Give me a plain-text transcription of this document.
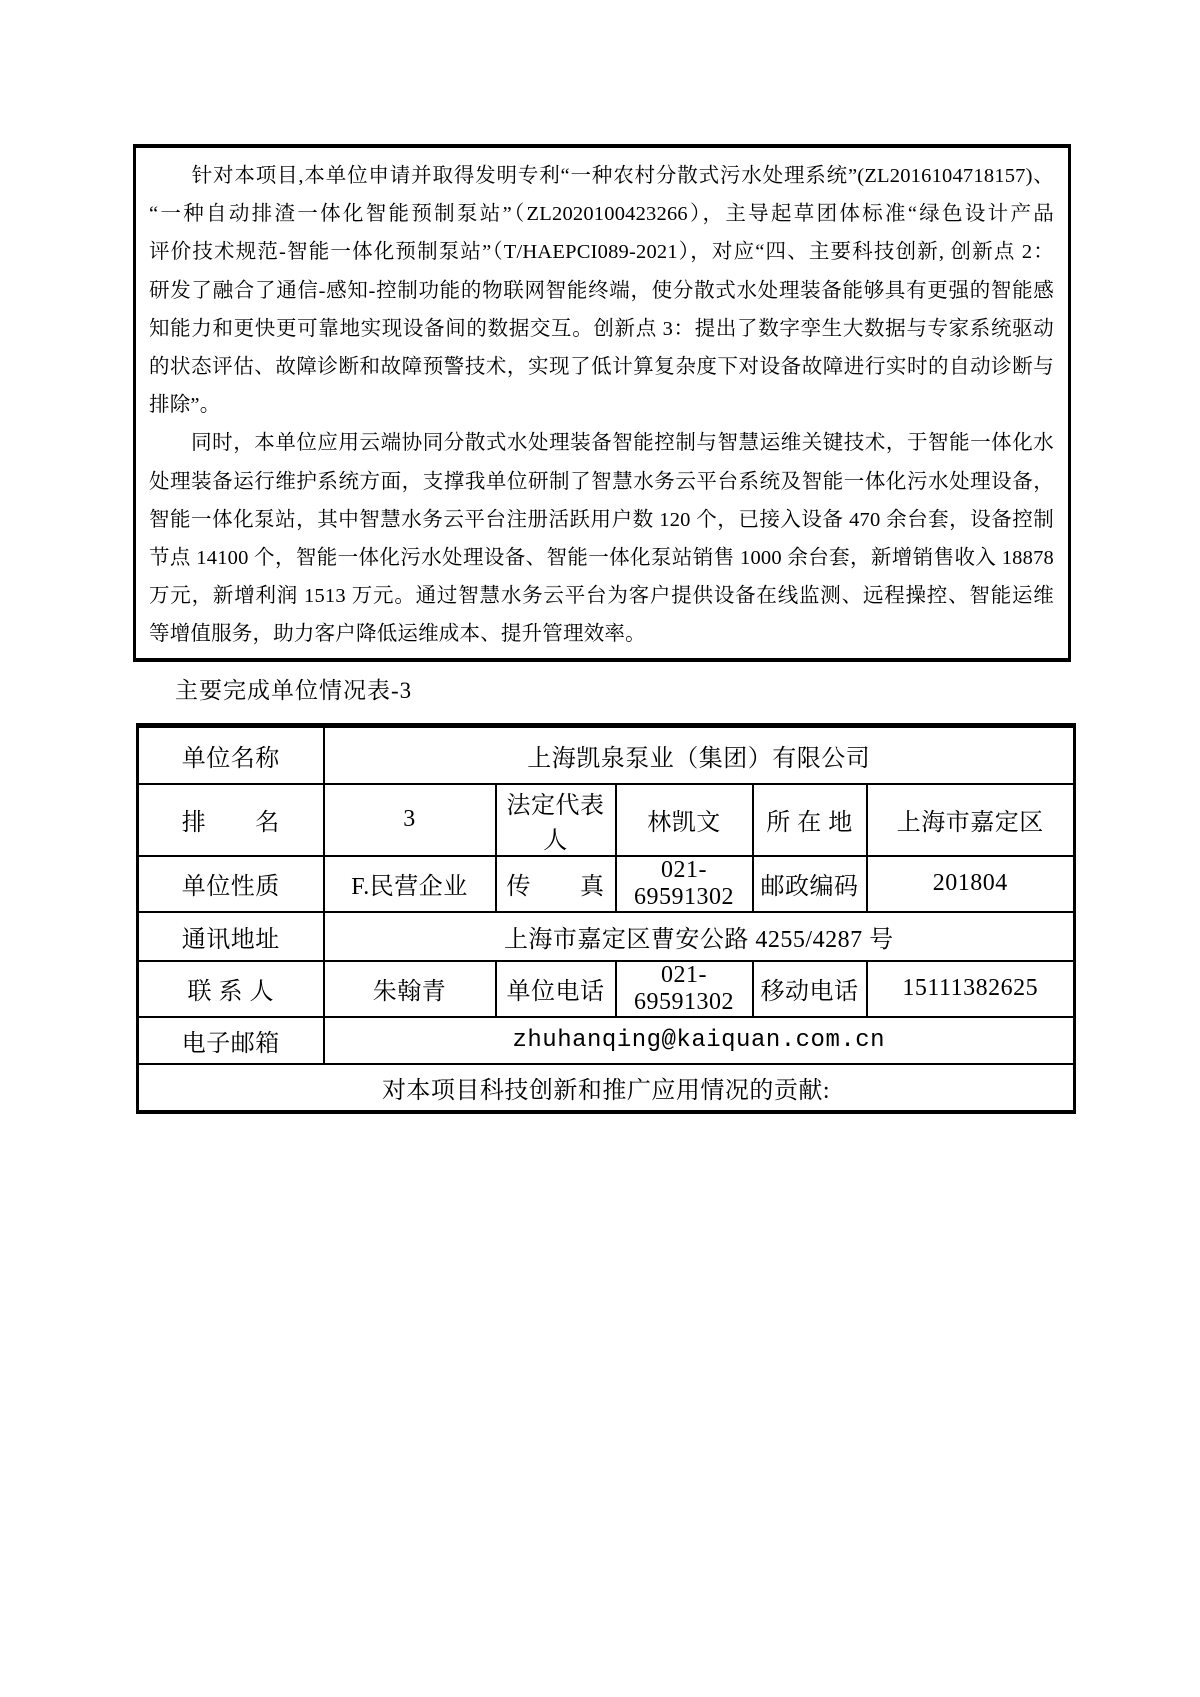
　　针对本项目,本单位申请并取得发明专利“一种农村分散式污水处理系统”(ZL2016104718157)、
“一种自动排渣一体化智能预制泵站”（ZL2020100423266），主导起草团体标准“绿色设计产品
评价技术规范-智能一体化预制泵站”（T/HAEPCI089-2021），对应“四、主要科技创新, 创新点 2：
研发了融合了通信-感知-控制功能的物联网智能终端，使分散式水处理装备能够具有更强的智能感
知能力和更快更可靠地实现设备间的数据交互。创新点 3：提出了数字孪生大数据与专家系统驱动
的状态评估、故障诊断和故障预警技术，实现了低计算复杂度下对设备故障进行实时的自动诊断与
排除”。
　　同时，本单位应用云端协同分散式水处理装备智能控制与智慧运维关键技术，于智能一体化水
处理装备运行维护系统方面，支撑我单位研制了智慧水务云平台系统及智能一体化污水处理设备，
智能一体化泵站，其中智慧水务云平台注册活跃用户数 120 个，已接入设备 470 余台套，设备控制
节点 14100 个，智能一体化污水处理设备、智能一体化泵站销售 1000 余台套，新增销售收入 18878
万元，新增利润 1513 万元。通过智慧水务云平台为客户提供设备在线监测、远程操控、智能运维
等增值服务，助力客户降低运维成本、提升管理效率。
主要完成单位情况表-3
单位名称	上海凯泉泵业（集团）有限公司				
排　　名	3	法定代表人	林凯文	所 在 地	上海市嘉定区
单位性质	F.民营企业	传　　真	021-69591302	邮政编码	201804
通讯地址	上海市嘉定区曹安公路 4255/4287 号				
联 系 人	朱翰青	单位电话	021-69591302	移动电话	15111382625
电子邮箱	zhuhanqing@kaiquan.com.cn				
对本项目科技创新和推广应用情况的贡献:					
